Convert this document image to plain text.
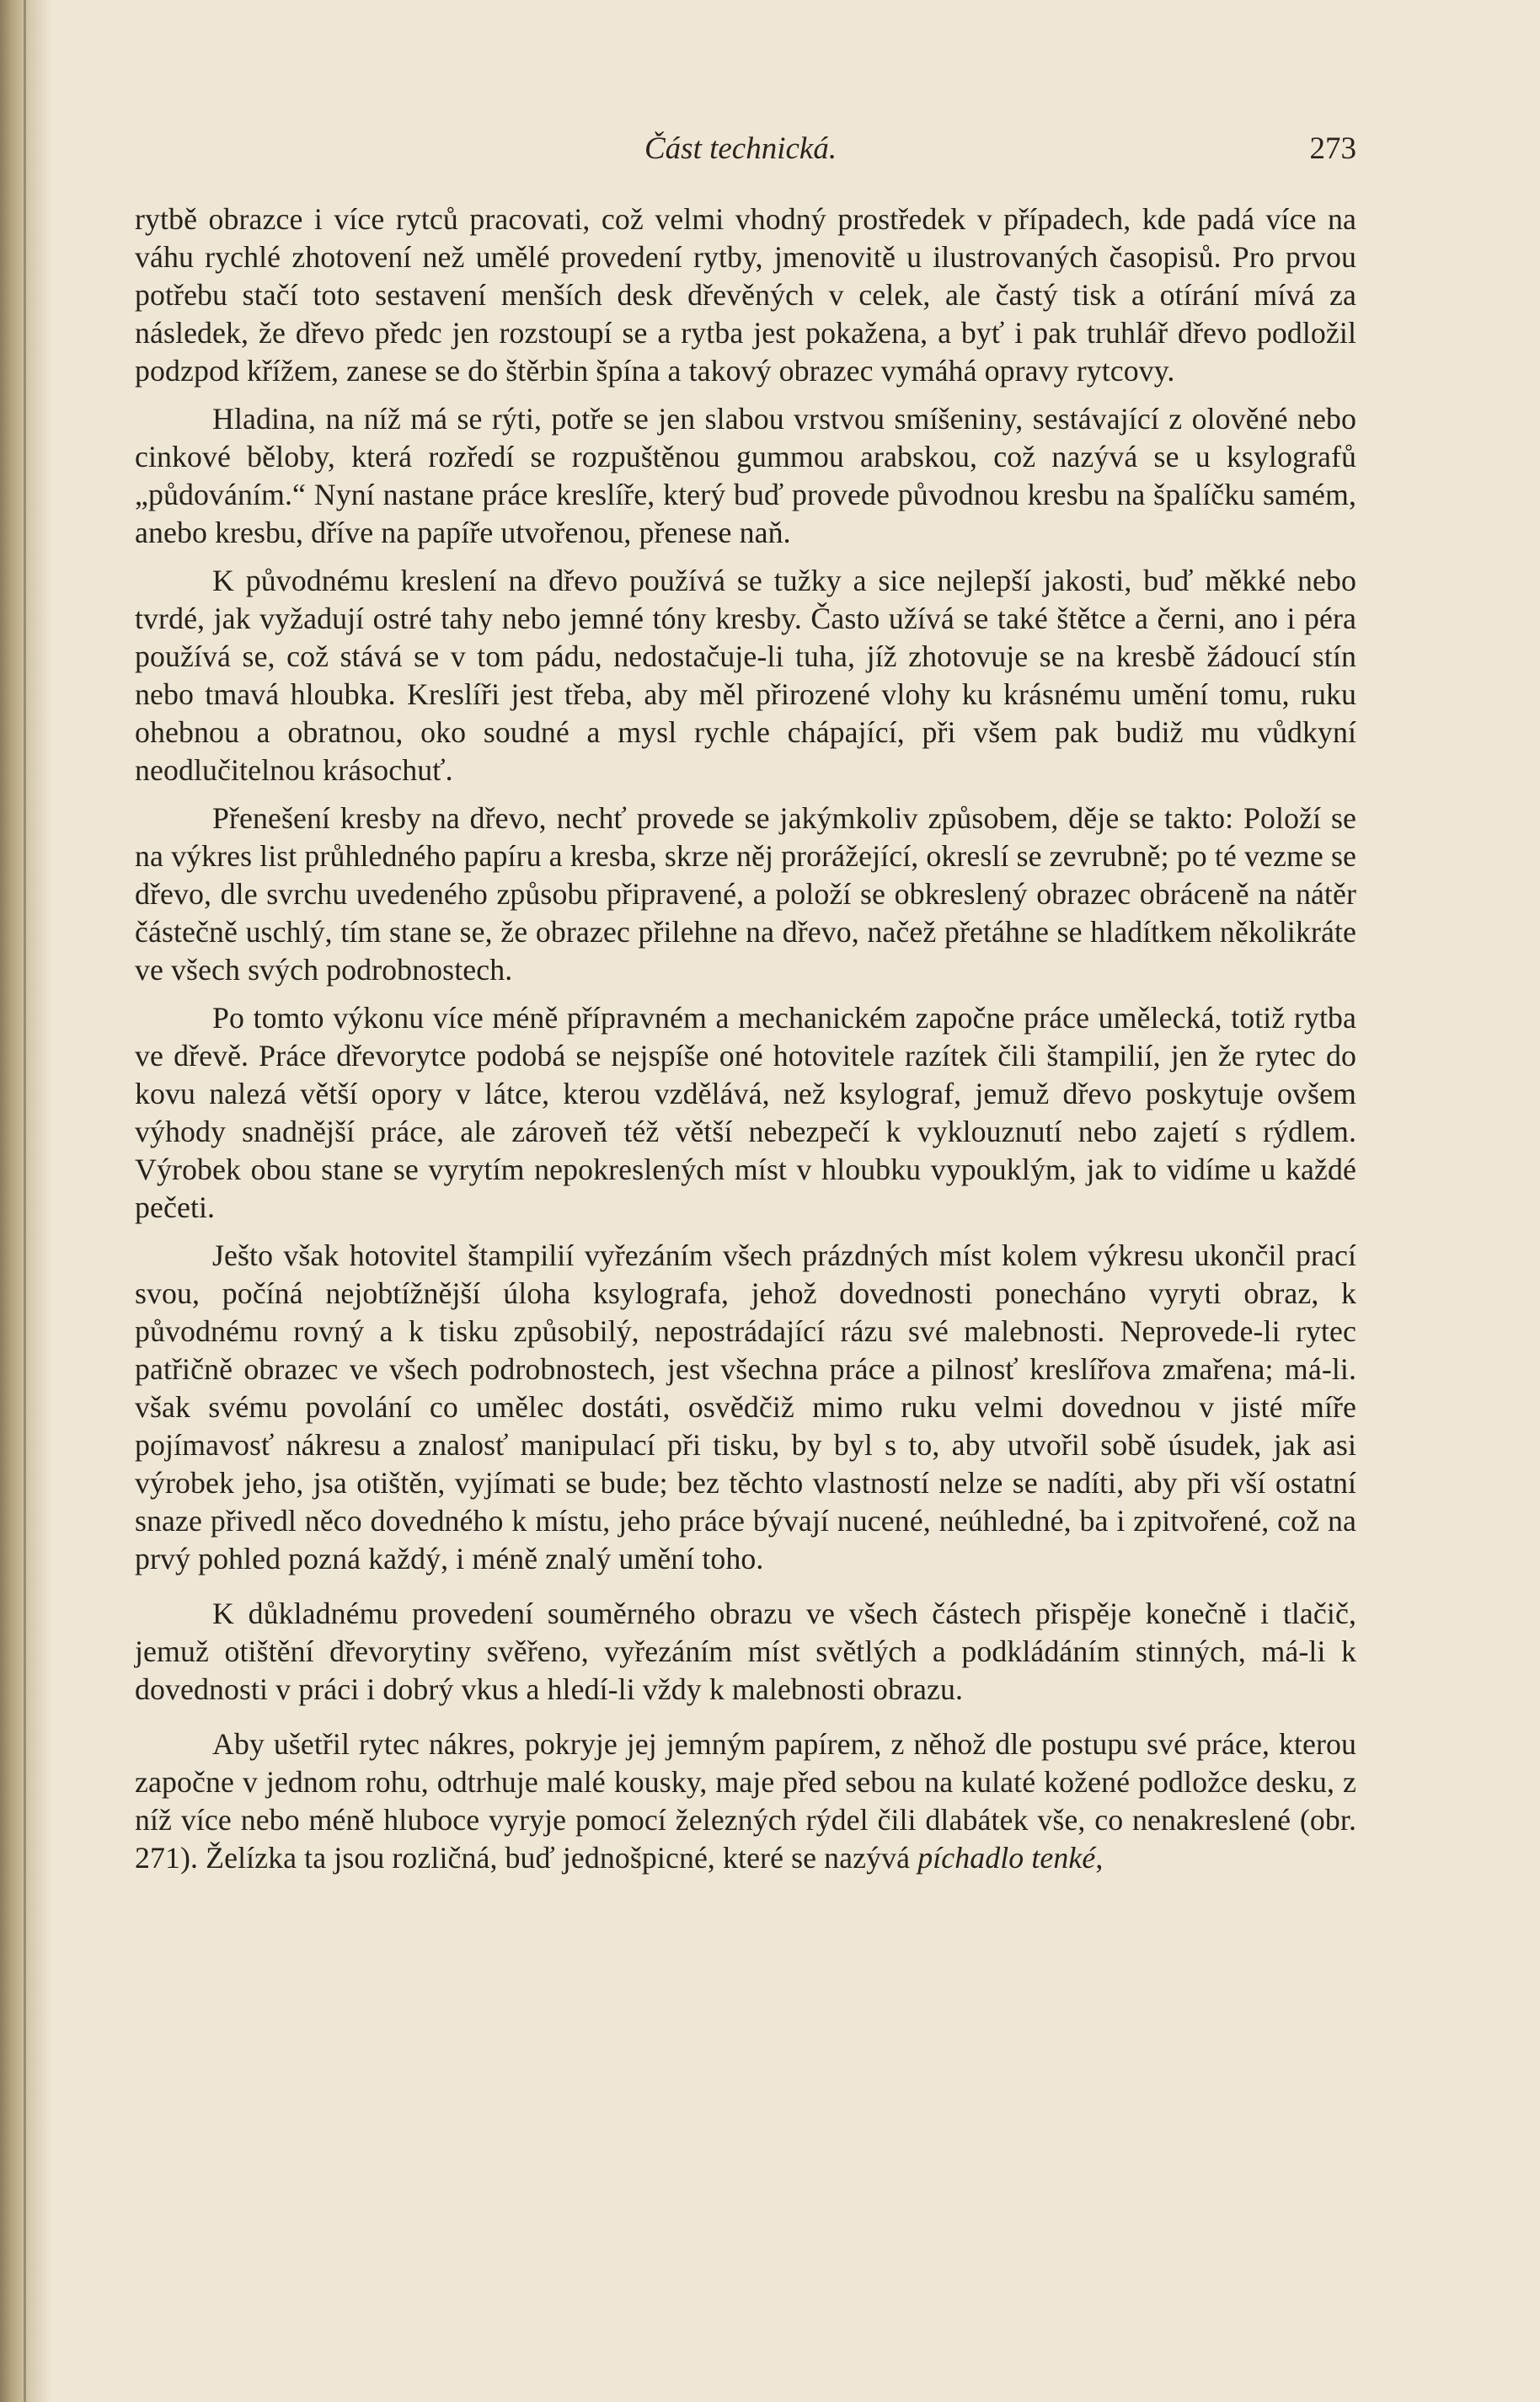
Část technická.	273

rytbě obrazce i více rytců pracovati, což velmi vhodný prostředek v případech, kde padá více na váhu rychlé zhotovení než umělé provedení rytby, jmenovitě u ilustrovaných časopisů. Pro prvou potřebu stačí toto sestavení menších desk dřevěných v celek, ale častý tisk a otírání mívá za následek, že dřevo předc jen rozstoupí se a rytba jest pokažena, a byť i pak truhlář dřevo podložil podzpod křížem, zanese se do štěrbin špína a takový obrazec vymáhá opravy rytcovy.

Hladina, na níž má se rýti, potře se jen slabou vrstvou smíšeniny, sestávající z olověné nebo cinkové běloby, která rozředí se rozpuštěnou gummou arabskou, což nazývá se u ksylografů „půdováním.“ Nyní nastane práce kreslíře, který buď provede původnou kresbu na špalíčku samém, anebo kresbu, dříve na papíře utvořenou, přenese naň.

K původnému kreslení na dřevo používá se tužky a sice nejlepší jakosti, buď měkké nebo tvrdé, jak vyžadují ostré tahy nebo jemné tóny kresby. Často užívá se také štětce a černi, ano i péra používá se, což stává se v tom pádu, nedostačuje-li tuha, jíž zhotovuje se na kresbě žádoucí stín nebo tmavá hloubka. Kreslíři jest třeba, aby měl přirozené vlohy ku krásnému umění tomu, ruku ohebnou a obratnou, oko soudné a mysl rychle chápající, při všem pak budiž mu vůdkyní neodlučitelnou krásochuť.

Přenešení kresby na dřevo, nechť provede se jakýmkoliv způsobem, děje se takto: Položí se na výkres list průhledného papíru a kresba, skrze něj prorážející, okreslí se zevrubně; po té vezme se dřevo, dle svrchu uvedeného způsobu připravené, a položí se obkreslený obrazec obráceně na nátěr částečně uschlý, tím stane se, že obrazec přilehne na dřevo, načež přetáhne se hladítkem několikráte ve všech svých podrobnostech.

Po tomto výkonu více méně přípravném a mechanickém započne práce umělecká, totiž rytba ve dřevě. Práce dřevorytce podobá se nejspíše oné hotovitele razítek čili štampilií, jen že rytec do kovu nalezá větší opory v látce, kterou vzdělává, než ksylograf, jemuž dřevo poskytuje ovšem výhody snadnější práce, ale zároveň též větší nebezpečí k vyklouznutí nebo zajetí s rýdlem. Výrobek obou stane se vyrytím nepokreslených míst v hloubku vypouklým, jak to vidíme u každé pečeti.

Ješto však hotovitel štampilií vyřezáním všech prázdných míst kolem výkresu ukončil prací svou, počíná nejobtížnější úloha ksylografa, jehož dovednosti ponecháno vyryti obraz, k původnému rovný a k tisku způsobilý, nepostrádající rázu své malebnosti. Neprovede-li rytec patřičně obrazec ve všech podrobnostech, jest všechna práce a pilnosť kreslířova zmařena; má-li. však svému povolání co umělec dostáti, osvědčiž mimo ruku velmi dovednou v jisté míře pojímavosť nákresu a znalosť manipulací při tisku, by byl s to, aby utvořil sobě úsudek, jak asi výrobek jeho, jsa otištěn, vyjímati se bude; bez těchto vlastností nelze se nadíti, aby při vší ostatní snaze přivedl něco dovedného k místu, jeho práce bývají nucené, neúhledné, ba i zpitvořené, což na prvý pohled pozná každý, i méně znalý umění toho.

K důkladnému provedení souměrného obrazu ve všech částech přispěje konečně i tlačič, jemuž otištění dřevorytiny svěřeno, vyřezáním míst světlých a podkládáním stinných, má-li k dovednosti v práci i dobrý vkus a hledí-li vždy k malebnosti obrazu.

Aby ušetřil rytec nákres, pokryje jej jemným papírem, z něhož dle postupu své práce, kterou započne v jednom rohu, odtrhuje malé kousky, maje před sebou na kulaté kožené podložce desku, z níž více nebo méně hluboce vyryje pomocí železných rýdel čili dlabátek vše, co nenakreslené (obr. 271). Želízka ta jsou rozličná, buď jednošpicné, které se nazývá píchadlo tenké,
